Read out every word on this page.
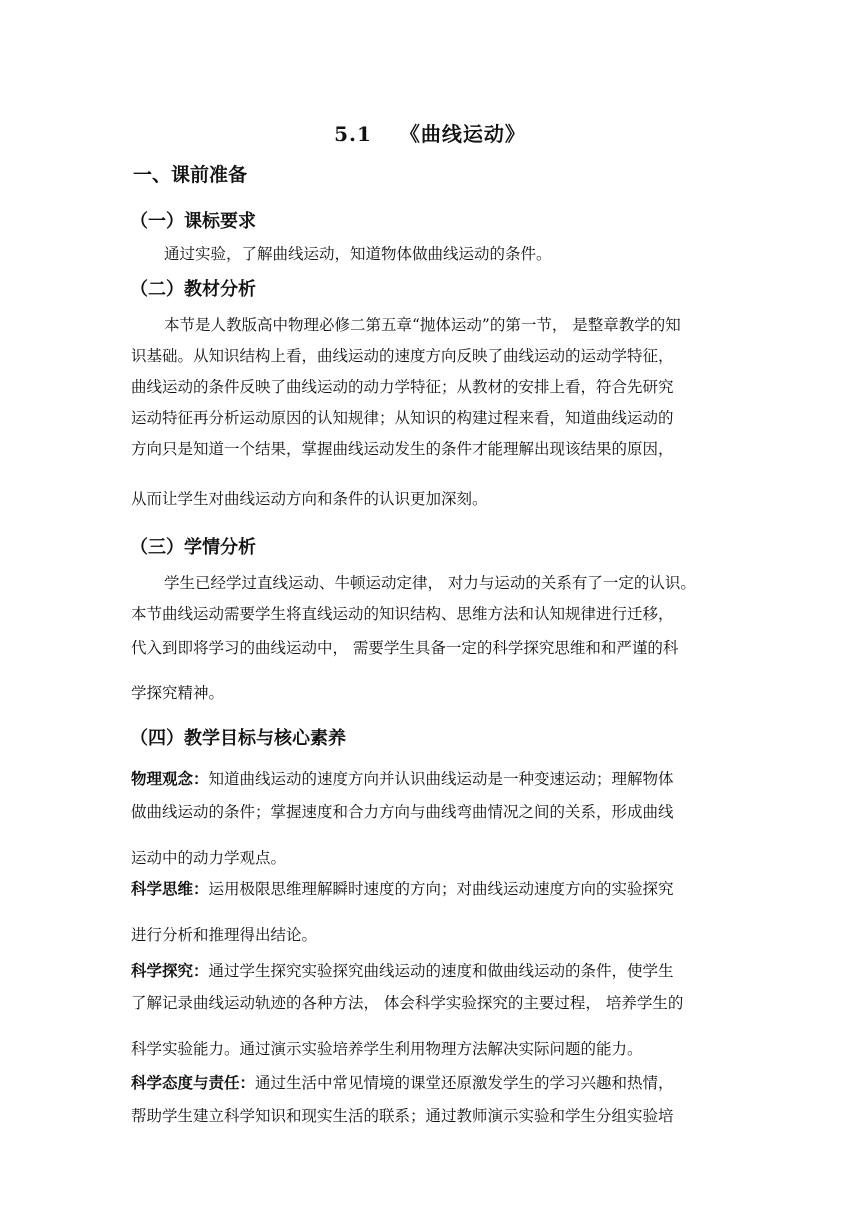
5.1 《曲线运动》
一、课前准备
（一）课标要求
通过实验，了解曲线运动，知道物体做曲线运动的条件。
（二）教材分析
本节是人教版高中物理必修二第五章“抛体运动”的第一节， 是整章教学的知
识基础。从知识结构上看，曲线运动的速度方向反映了曲线运动的运动学特征，
曲线运动的条件反映了曲线运动的动力学特征；从教材的安排上看，符合先研究
运动特征再分析运动原因的认知规律；从知识的构建过程来看，知道曲线运动的
方向只是知道一个结果，掌握曲线运动发生的条件才能理解出现该结果的原因，
从而让学生对曲线运动方向和条件的认识更加深刻。
（三）学情分析
学生已经学过直线运动、牛顿运动定律， 对力与运动的关系有了一定的认识。
本节曲线运动需要学生将直线运动的知识结构、思维方法和认知规律进行迁移，
代入到即将学习的曲线运动中， 需要学生具备一定的科学探究思维和和严谨的科
学探究精神。
（四）教学目标与核心素养
物理观念：知道曲线运动的速度方向并认识曲线运动是一种变速运动；理解物体
做曲线运动的条件；掌握速度和合力方向与曲线弯曲情况之间的关系，形成曲线
运动中的动力学观点。
科学思维：运用极限思维理解瞬时速度的方向；对曲线运动速度方向的实验探究
进行分析和推理得出结论。
科学探究：通过学生探究实验探究曲线运动的速度和做曲线运动的条件，使学生
了解记录曲线运动轨迹的各种方法， 体会科学实验探究的主要过程， 培养学生的
科学实验能力。通过演示实验培养学生利用物理方法解决实际问题的能力。
科学态度与责任：通过生活中常见情境的课堂还原激发学生的学习兴趣和热情，
帮助学生建立科学知识和现实生活的联系；通过教师演示实验和学生分组实验培
